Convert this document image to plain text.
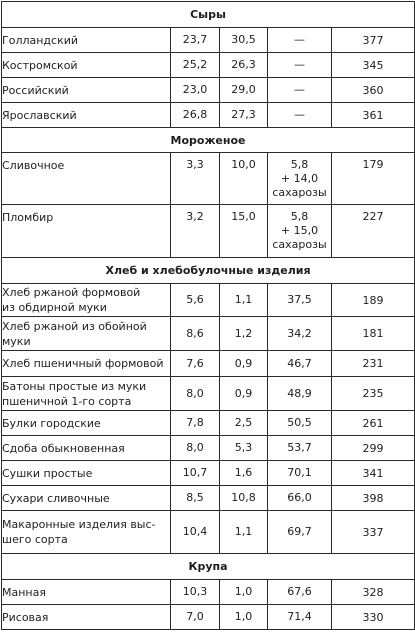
Сыры				
Голландский	23,7	30,5	—	377
Костромской	25,2	26,3	—	345
Российский	23,0	29,0	—	360
Ярославский	26,8	27,3	—	361
Мороженое				
Сливочное	3,3	10,0	5,8
+ 14,0
сахарозы	179
Пломбир	3,2	15,0	5,8
+ 15,0
сахарозы	227
Хлеб и хлебобулочные изделия				
Хлеб ржаной формовой
из обдирной муки	5,6	1,1	37,5	189
Хлеб ржаной из обойной
муки	8,6	1,2	34,2	181
Хлеб пшеничный формовой	7,6	0,9	46,7	231
Батоны простые из муки
пшеничной 1-го сорта	8,0	0,9	48,9	235
Булки городские	7,8	2,5	50,5	261
Сдоба обыкновенная	8,0	5,3	53,7	299
Сушки простые	10,7	1,6	70,1	341
Сухари сливочные	8,5	10,8	66,0	398
Макаронные изделия выс-
шего сорта	10,4	1,1	69,7	337
Крупа				
Манная	10,3	1,0	67,6	328
Рисовая	7,0	1,0	71,4	330
